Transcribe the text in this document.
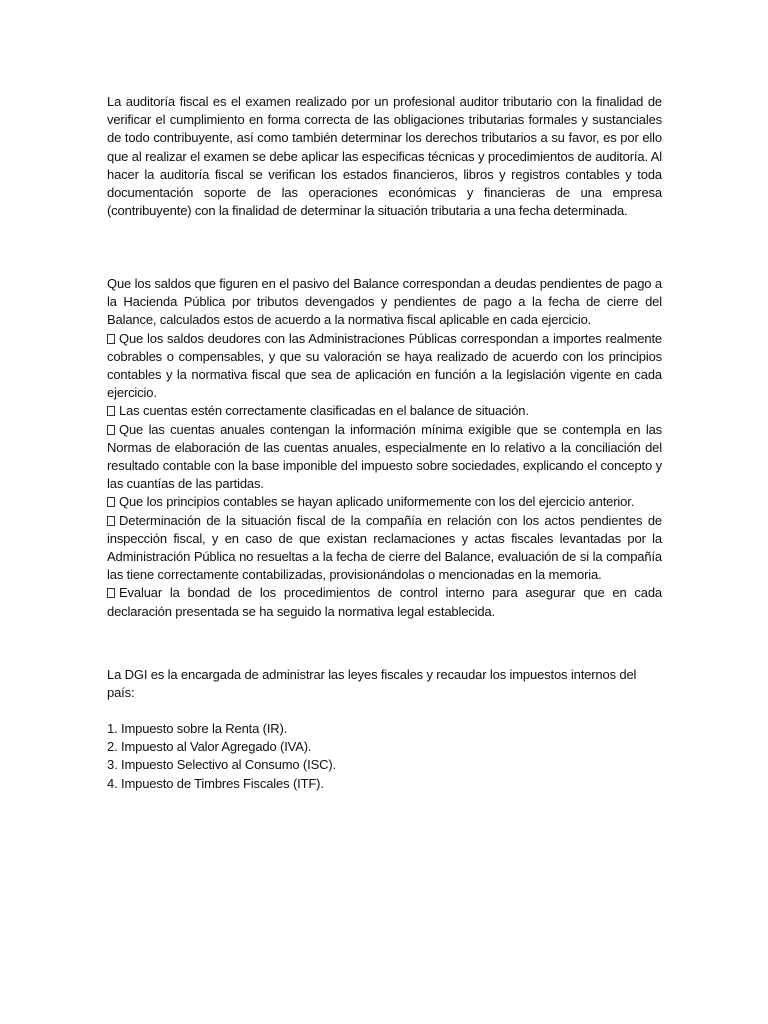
La auditoría fiscal es el examen realizado por un profesional auditor tributario con la finalidad de verificar el cumplimiento en forma correcta de las obligaciones tributarias formales y sustanciales de todo contribuyente, así como también determinar los derechos tributarios a su favor, es por ello que al realizar el examen se debe aplicar las especificas técnicas y procedimientos de auditoría. Al hacer la auditoría fiscal se verifican los estados financieros, libros y registros contables y toda documentación soporte de las operaciones económicas y financieras de una empresa (contribuyente) con la finalidad de determinar la situación tributaria a una fecha determinada.
Que los saldos que figuren en el pasivo del Balance correspondan a deudas pendientes de pago a la Hacienda Pública por tributos devengados y pendientes de pago a la fecha de cierre del Balance, calculados estos de acuerdo a la normativa fiscal aplicable en cada ejercicio.
Que los saldos deudores con las Administraciones Públicas correspondan a importes realmente cobrables o compensables, y que su valoración se haya realizado de acuerdo con los principios contables y la normativa fiscal que sea de aplicación en función a la legislación vigente en cada ejercicio.
Las cuentas estén correctamente clasificadas en el balance de situación.
Que las cuentas anuales contengan la información mínima exigible que se contempla en las Normas de elaboración de las cuentas anuales, especialmente en lo relativo a la conciliación del resultado contable con la base imponible del impuesto sobre sociedades, explicando el concepto y las cuantías de las partidas.
Que los principios contables se hayan aplicado uniformemente con los del ejercicio anterior.
Determinación de la situación fiscal de la compañía en relación con los actos pendientes de inspección fiscal, y en caso de que existan reclamaciones y actas fiscales levantadas por la Administración Pública no resueltas a la fecha de cierre del Balance, evaluación de si la compañía las tiene correctamente contabilizadas, provisionándolas o mencionadas en la memoria.
Evaluar la bondad de los procedimientos de control interno para asegurar que en cada declaración presentada se ha seguido la normativa legal establecida.
La DGI es la encargada de administrar las leyes fiscales y recaudar los impuestos internos del país:
1. Impuesto sobre la Renta (IR).
2. Impuesto al Valor Agregado (IVA).
3. Impuesto Selectivo al Consumo (ISC).
4. Impuesto de Timbres Fiscales (ITF).
